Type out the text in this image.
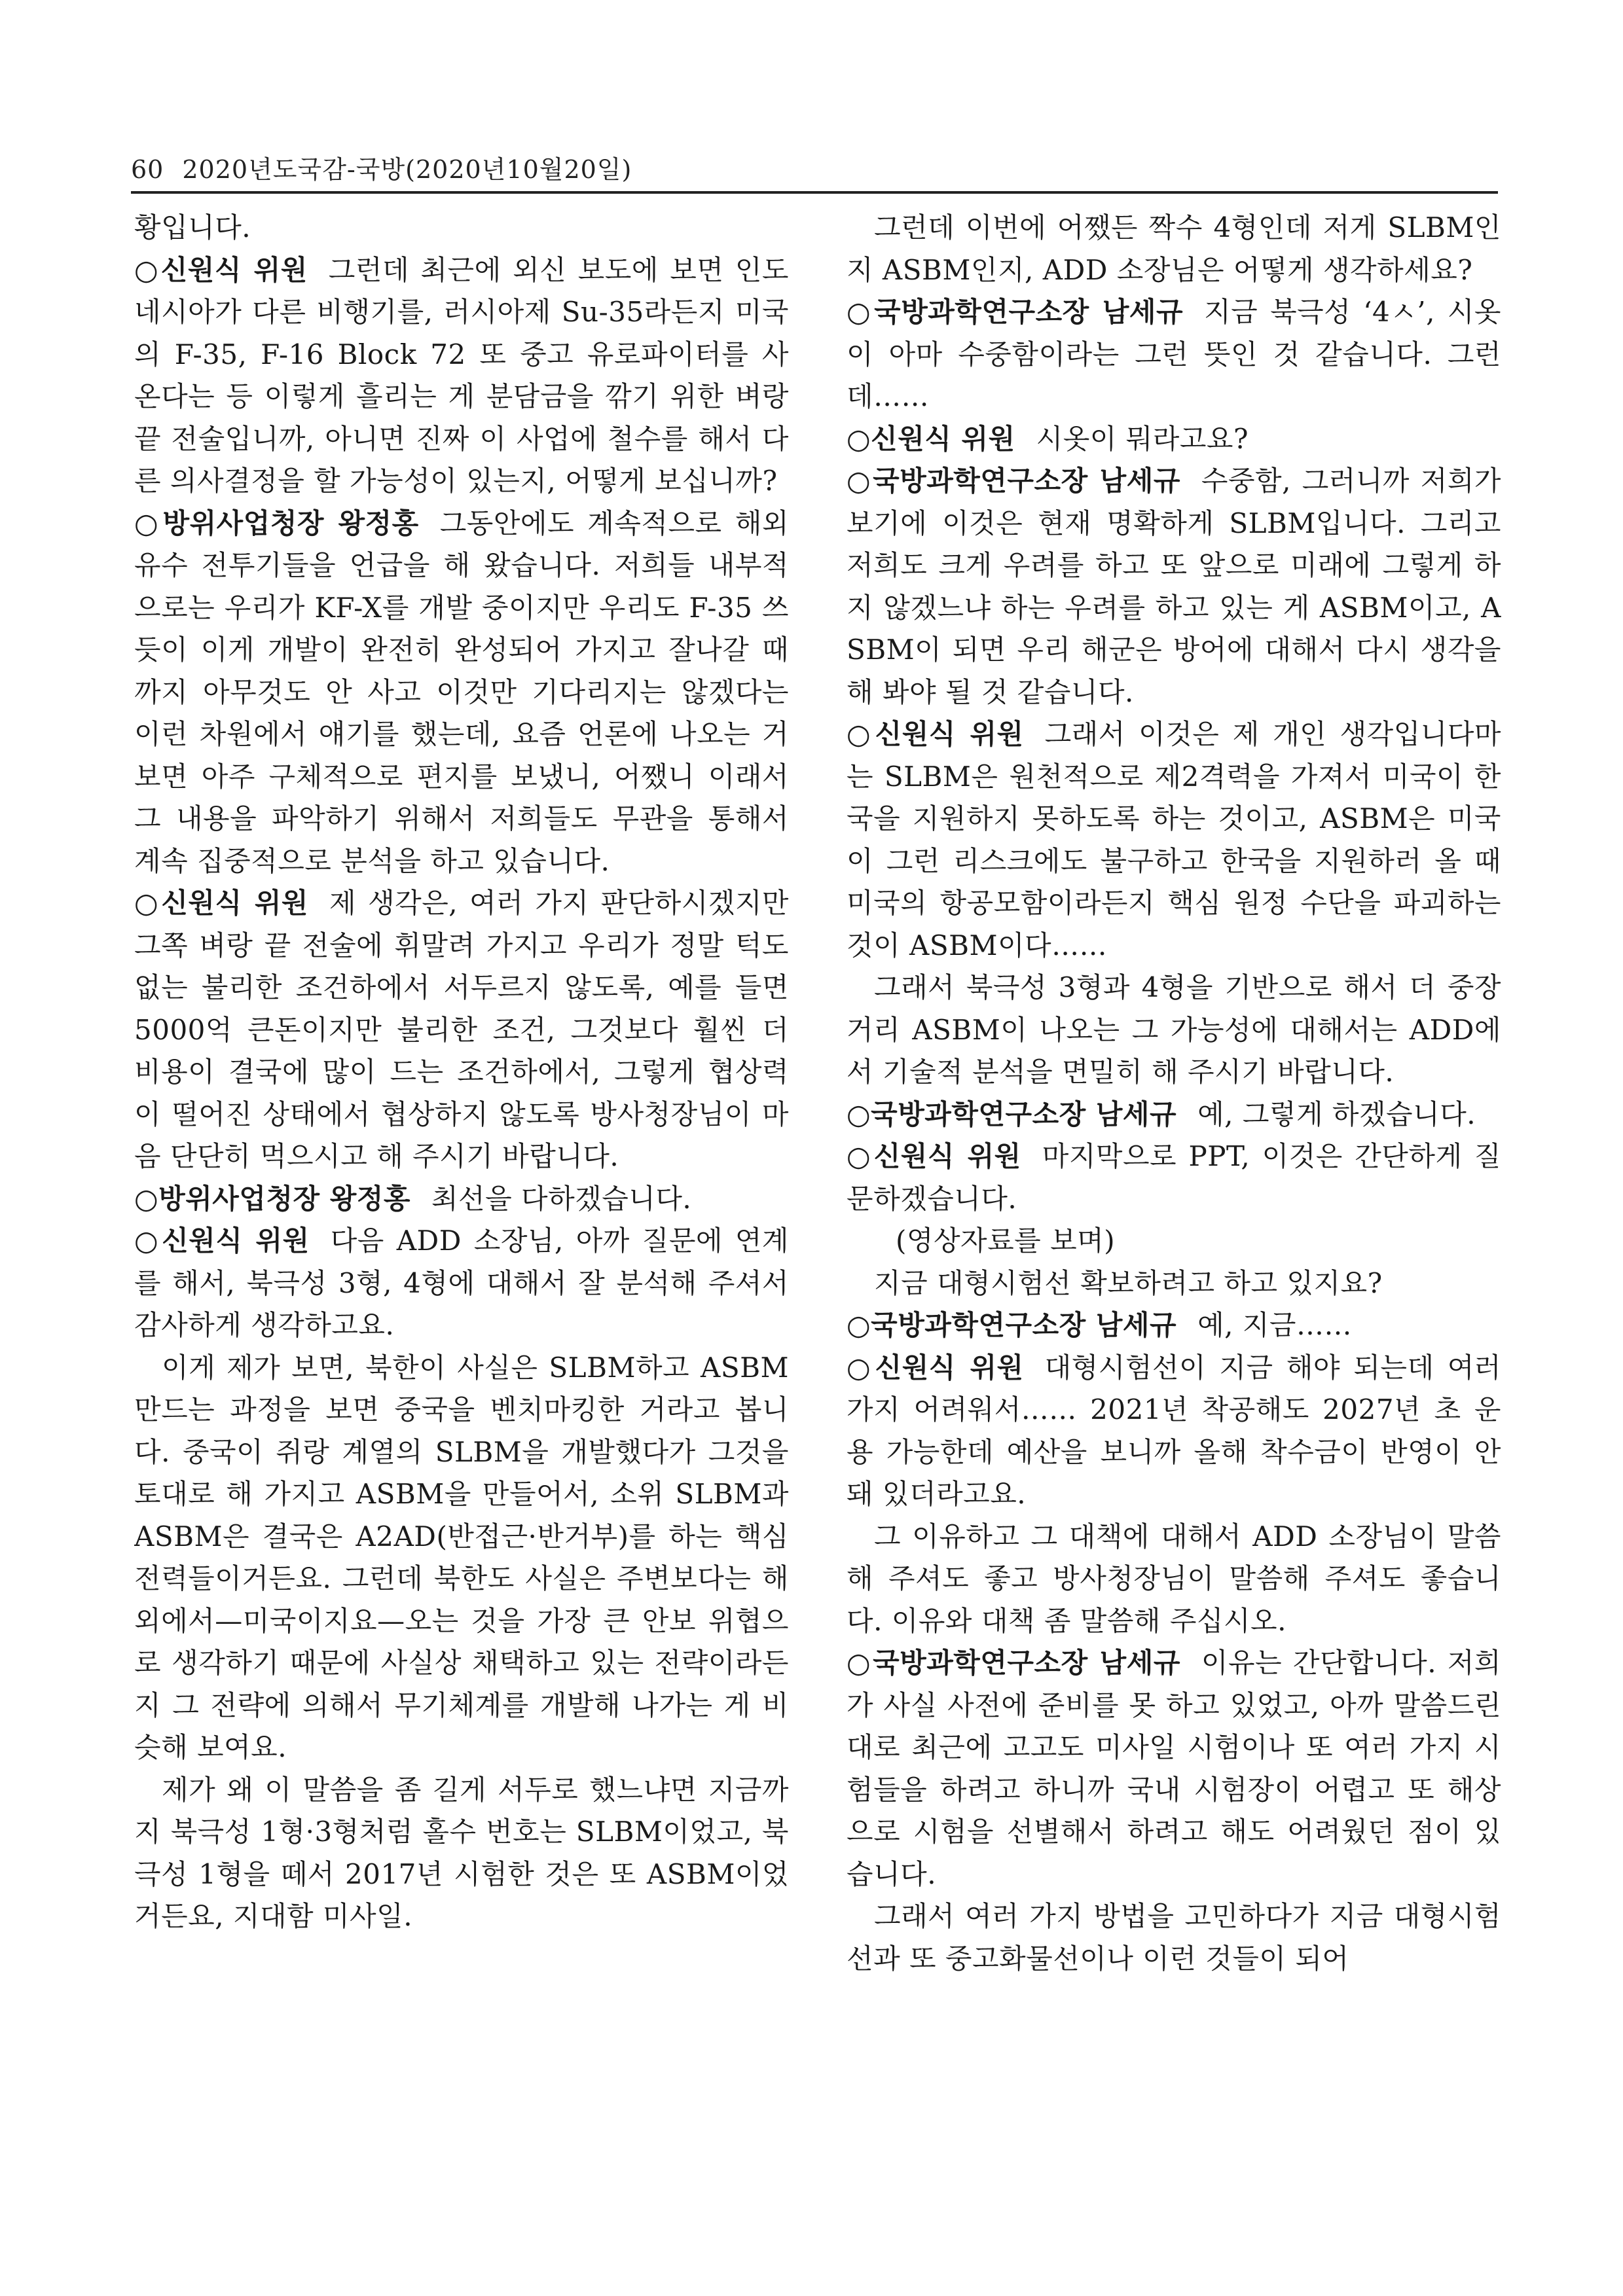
60 2020년도국감-국방(2020년10월20일)

황입니다.

○신원식 위원 그런데 최근에 외신 보도에 보면 인도네시아가 다른 비행기를, 러시아제 Su-35라든지 미국의 F-35, F-16 Block 72 또 중고 유로파이터를 사 온다는 등 이렇게 흘리는 게 분담금을 깎기 위한 벼랑 끝 전술입니까, 아니면 진짜 이 사업에 철수를 해서 다른 의사결정을 할 가능성이 있는지, 어떻게 보십니까?

○방위사업청장 왕정홍 그동안에도 계속적으로 해외 유수 전투기들을 언급을 해 왔습니다. 저희들 내부적으로는 우리가 KF-X를 개발 중이지만 우리도 F-35 쓰듯이 이게 개발이 완전히 완성되어 가지고 잘나갈 때까지 아무것도 안 사고 이것만 기다리지는 않겠다는 이런 차원에서 얘기를 했는데, 요즘 언론에 나오는 거 보면 아주 구체적으로 편지를 보냈니, 어쨌니 이래서 그 내용을 파악하기 위해서 저희들도 무관을 통해서 계속 집중적으로 분석을 하고 있습니다.

○신원식 위원 제 생각은, 여러 가지 판단하시겠지만 그쪽 벼랑 끝 전술에 휘말려 가지고 우리가 정말 턱도 없는 불리한 조건하에서 서두르지 않도록, 예를 들면 5000억 큰돈이지만 불리한 조건, 그것보다 훨씬 더 비용이 결국에 많이 드는 조건하에서, 그렇게 협상력이 떨어진 상태에서 협상하지 않도록 방사청장님이 마음 단단히 먹으시고 해 주시기 바랍니다.

○방위사업청장 왕정홍 최선을 다하겠습니다.

○신원식 위원 다음 ADD 소장님, 아까 질문에 연계를 해서, 북극성 3형, 4형에 대해서 잘 분석해 주셔서 감사하게 생각하고요.

이게 제가 보면, 북한이 사실은 SLBM하고 ASBM 만드는 과정을 보면 중국을 벤치마킹한 거라고 봅니다. 중국이 쥐랑 계열의 SLBM을 개발했다가 그것을 토대로 해 가지고 ASBM을 만들어서, 소위 SLBM과 ASBM은 결국은 A2AD(반접근·반거부)를 하는 핵심전력들이거든요. 그런데 북한도 사실은 주변보다는 해외에서—미국이지요—오는 것을 가장 큰 안보 위협으로 생각하기 때문에 사실상 채택하고 있는 전략이라든지 그 전략에 의해서 무기체계를 개발해 나가는 게 비슷해 보여요.

제가 왜 이 말씀을 좀 길게 서두로 했느냐면 지금까지 북극성 1형·3형처럼 홀수 번호는 SLBM이었고, 북극성 1형을 떼서 2017년 시험한 것은 또 ASBM이었거든요, 지대함 미사일.

그런데 이번에 어쨌든 짝수 4형인데 저게 SLBM인지 ASBM인지, ADD 소장님은 어떻게 생각하세요?

○국방과학연구소장 남세규 지금 북극성 ‘4ㅅ’, 시옷이 아마 수중함이라는 그런 뜻인 것 같습니다. 그런데……

○신원식 위원 시옷이 뭐라고요?

○국방과학연구소장 남세규 수중함, 그러니까 저희가 보기에 이것은 현재 명확하게 SLBM입니다. 그리고 저희도 크게 우려를 하고 또 앞으로 미래에 그렇게 하지 않겠느냐 하는 우려를 하고 있는 게 ASBM이고, ASBM이 되면 우리 해군은 방어에 대해서 다시 생각을 해 봐야 될 것 같습니다.

○신원식 위원 그래서 이것은 제 개인 생각입니다마는 SLBM은 원천적으로 제2격력을 가져서 미국이 한국을 지원하지 못하도록 하는 것이고, ASBM은 미국이 그런 리스크에도 불구하고 한국을 지원하러 올 때 미국의 항공모함이라든지 핵심 원정 수단을 파괴하는 것이 ASBM이다……

그래서 북극성 3형과 4형을 기반으로 해서 더 중장거리 ASBM이 나오는 그 가능성에 대해서는 ADD에서 기술적 분석을 면밀히 해 주시기 바랍니다.

○국방과학연구소장 남세규 예, 그렇게 하겠습니다.

○신원식 위원 마지막으로 PPT, 이것은 간단하게 질문하겠습니다.

(영상자료를 보며)

지금 대형시험선 확보하려고 하고 있지요?

○국방과학연구소장 남세규 예, 지금……

○신원식 위원 대형시험선이 지금 해야 되는데 여러 가지 어려워서…… 2021년 착공해도 2027년 초 운용 가능한데 예산을 보니까 올해 착수금이 반영이 안 돼 있더라고요.

그 이유하고 그 대책에 대해서 ADD 소장님이 말씀해 주셔도 좋고 방사청장님이 말씀해 주셔도 좋습니다. 이유와 대책 좀 말씀해 주십시오.

○국방과학연구소장 남세규 이유는 간단합니다. 저희가 사실 사전에 준비를 못 하고 있었고, 아까 말씀드린 대로 최근에 고고도 미사일 시험이나 또 여러 가지 시험들을 하려고 하니까 국내 시험장이 어렵고 또 해상으로 시험을 선별해서 하려고 해도 어려웠던 점이 있습니다.

그래서 여러 가지 방법을 고민하다가 지금 대형시험선과 또 중고화물선이나 이런 것들이 되어
